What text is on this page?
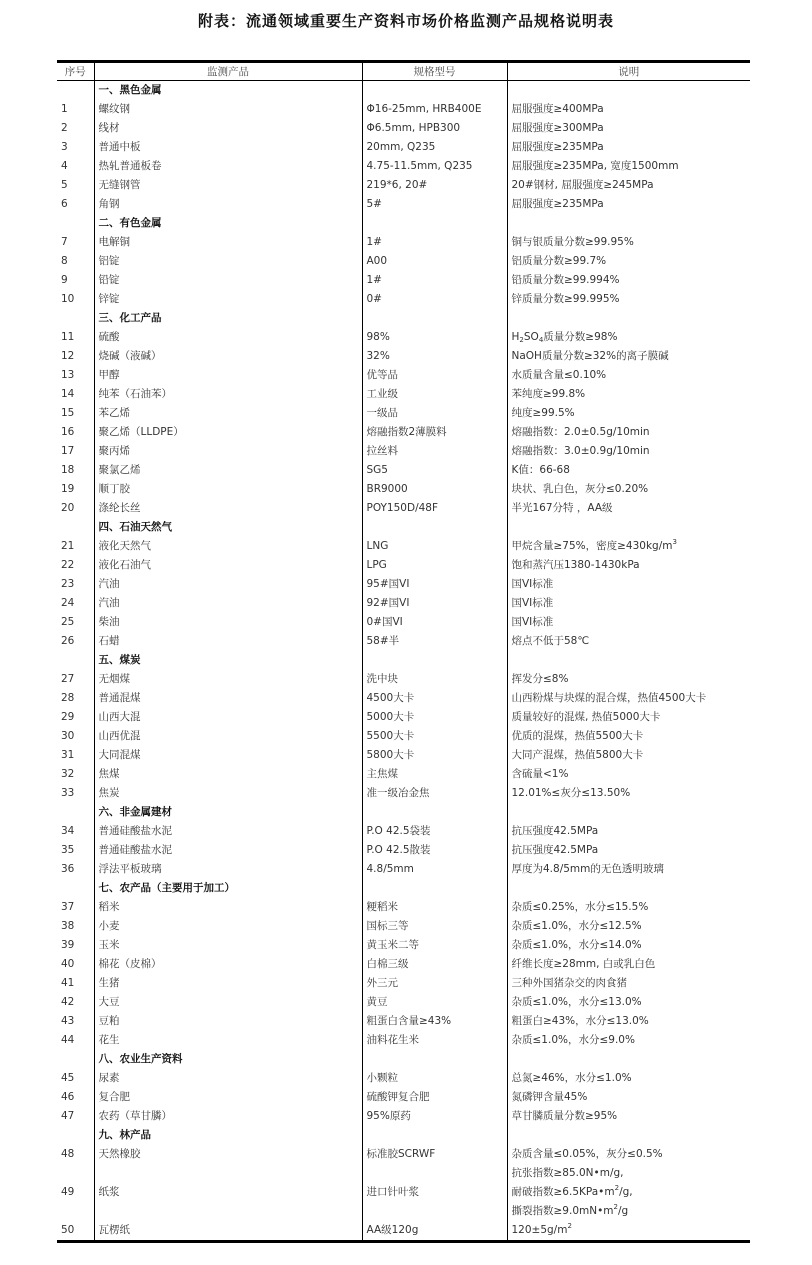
附表：流通领域重要生产资料市场价格监测产品规格说明表
序号	监测产品	规格型号	说明
	一、黑色金属		
1	螺纹钢	Φ16-25mm, HRB400E	屈服强度≥400MPa
2	线材	Φ6.5mm, HPB300	屈服强度≥300MPa
3	普通中板	20mm, Q235	屈服强度≥235MPa
4	热轧普通板卷	4.75-11.5mm, Q235	屈服强度≥235MPa, 宽度1500mm
5	无缝钢管	219*6, 20#	20#钢材, 屈服强度≥245MPa
6	角钢	5#	屈服强度≥235MPa
	二、有色金属		
7	电解铜	1#	铜与银质量分数≥99.95%
8	铝锭	A00	铝质量分数≥99.7%
9	铅锭	1#	铅质量分数≥99.994%
10	锌锭	0#	锌质量分数≥99.995%
	三、化工产品		
11	硫酸	98%	$H_2SO_4$质量分数≥98%
12	烧碱（液碱）	32%	NaOH质量分数≥32%的离子膜碱
13	甲醇	优等品	水质量含量≤0.10%
14	纯苯（石油苯）	工业级	苯纯度≥99.8%
15	苯乙烯	一级品	纯度≥99.5%
16	聚乙烯（LLDPE）	熔融指数2薄膜料	熔融指数：2.0±0.5g/10min
17	聚丙烯	拉丝料	熔融指数：3.0±0.9g/10min
18	聚氯乙烯	SG5	K值：66-68
19	顺丁胶	BR9000	块状、乳白色，灰分≤0.20%
20	涤纶长丝	POY150D/48F	半光167分特 ，AA级
	四、石油天然气		
21	液化天然气	LNG	甲烷含量≥75%，密度$\ge 430kg/m^3$
22	液化石油气	LPG	饱和蒸汽压1380-1430kPa
23	汽油	95#国VI	国VI标准
24	汽油	92#国VI	国VI标准
25	柴油	0#国VI	国VI标准
26	石蜡	58#半	熔点不低于58℃
	五、煤炭		
27	无烟煤	洗中块	挥发分≤8%
28	普通混煤	4500大卡	山西粉煤与块煤的混合煤，热值4500大卡
29	山西大混	5000大卡	质量较好的混煤, 热值5000大卡
30	山西优混	5500大卡	优质的混煤，热值5500大卡
31	大同混煤	5800大卡	大同产混煤，热值5800大卡
32	焦煤	主焦煤	含硫量<1%
33	焦炭	准一级冶金焦	12.01%≤灰分≤13.50%
	六、非金属建材		
34	普通硅酸盐水泥	P.O 42.5袋装	抗压强度42.5MPa
35	普通硅酸盐水泥	P.O 42.5散装	抗压强度42.5MPa
36	浮法平板玻璃	4.8/5mm	厚度为4.8/5mm的无色透明玻璃
	七、农产品（主要用于加工）		
37	稻米	粳稻米	杂质≤0.25%，水分≤15.5%
38	小麦	国标三等	杂质≤1.0%，水分≤12.5%
39	玉米	黄玉米二等	杂质≤1.0%，水分≤14.0%
40	棉花（皮棉）	白棉三级	纤维长度≥28mm, 白或乳白色
41	生猪	外三元	三种外国猪杂交的肉食猪
42	大豆	黄豆	杂质≤1.0%，水分≤13.0%
43	豆粕	粗蛋白含量≥43%	粗蛋白≥43%，水分≤13.0%
44	花生	油料花生米	杂质≤1.0%，水分≤9.0%
	八、农业生产资料		
45	尿素	小颗粒	总氮≥46%，水分≤1.0%
46	复合肥	硫酸钾复合肥	氮磷钾含量45%
47	农药（草甘膦）	95%原药	草甘膦质量分数≥95%
	九、林产品		
48	天然橡胶	标准胶SCRWF	杂质含量≤0.05%，灰分≤0.5%
49	纸浆	进口针叶浆	抗张指数≥85.0N•m/g,
耐破指数$\ge 6.5KPa•m^2/g$,
撕裂指数$\ge 9.0mN•m^2/g$

50	瓦楞纸	AA级120g	$120\pm 5g/m^2$
